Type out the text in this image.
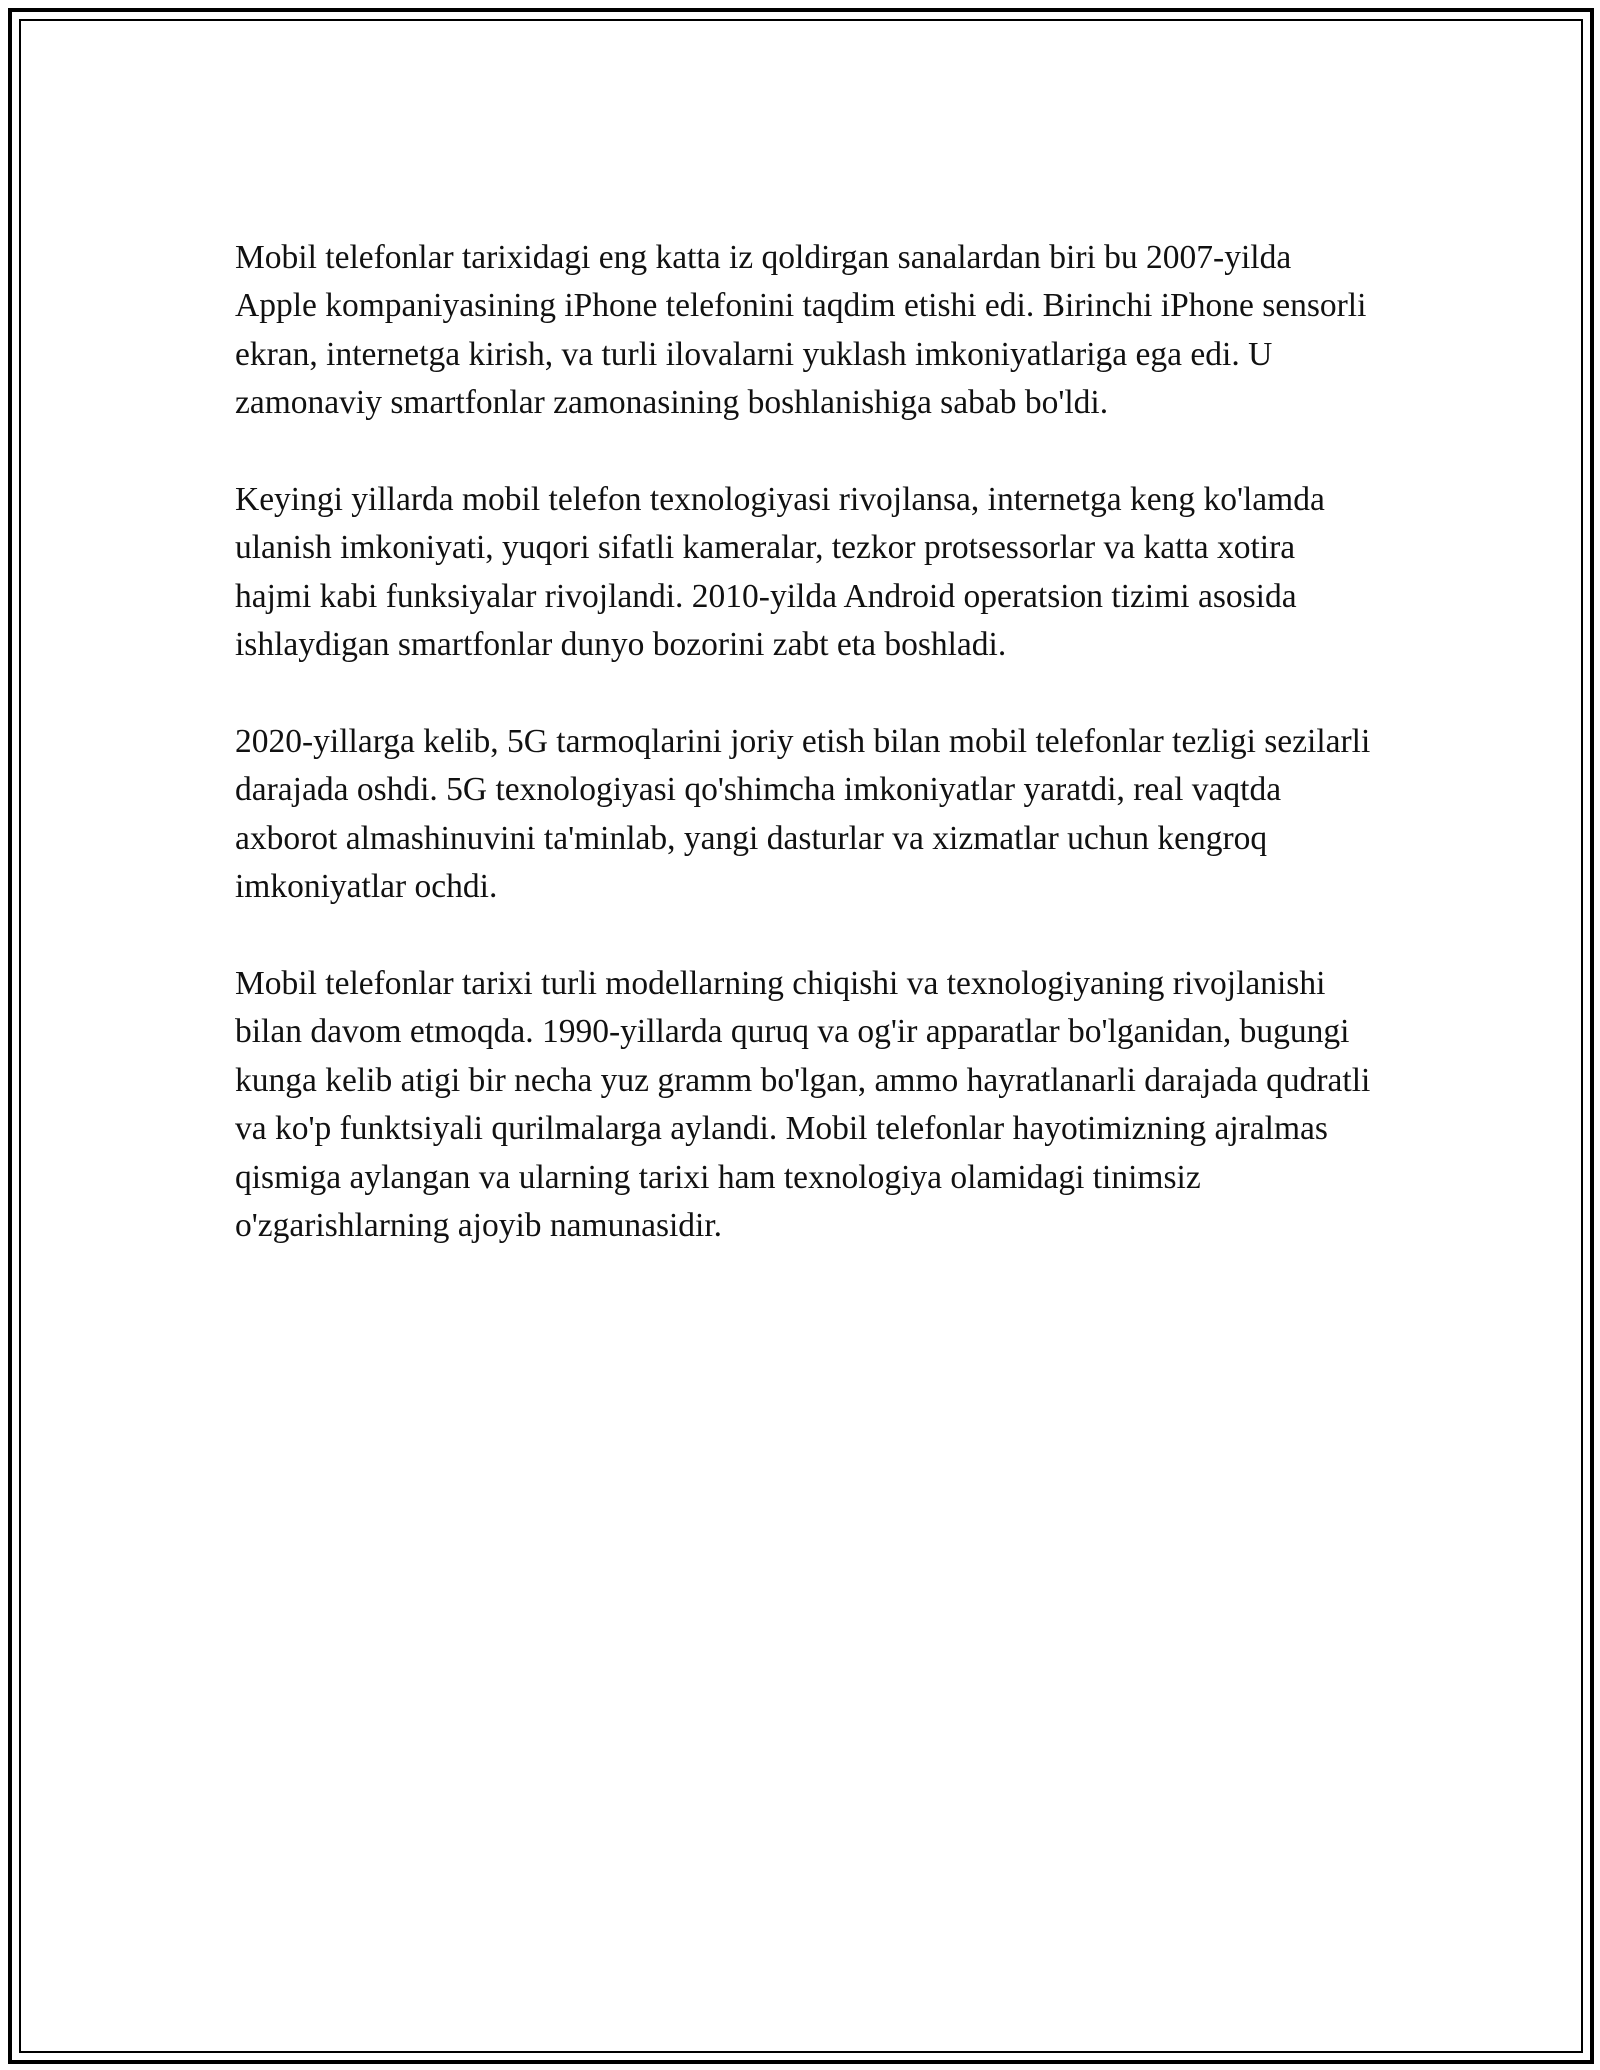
Mobil telefonlar tarixidagi eng katta iz qoldirgan sanalardan biri bu 2007-yilda Apple kompaniyasining iPhone telefonini taqdim etishi edi. Birinchi iPhone sensorli ekran, internetga kirish, va turli ilovalarni yuklash imkoniyatlariga ega edi. U zamonaviy smartfonlar zamonasining boshlanishiga sabab bo'ldi.

Keyingi yillarda mobil telefon texnologiyasi rivojlansa, internetga keng ko'lamda ulanish imkoniyati, yuqori sifatli kameralar, tezkor protsessorlar va katta xotira hajmi kabi funksiyalar rivojlandi. 2010-yilda Android operatsion tizimi asosida ishlaydigan smartfonlar dunyo bozorini zabt eta boshladi.

2020-yillarga kelib, 5G tarmoqlarini joriy etish bilan mobil telefonlar tezligi sezilarli darajada oshdi. 5G texnologiyasi qo'shimcha imkoniyatlar yaratdi, real vaqtda axborot almashinuvini ta'minlab, yangi dasturlar va xizmatlar uchun kengroq imkoniyatlar ochdi.

Mobil telefonlar tarixi turli modellarning chiqishi va texnologiyaning rivojlanishi bilan davom etmoqda. 1990-yillarda quruq va og'ir apparatlar bo'lganidan, bugungi kunga kelib atigi bir necha yuz gramm bo'lgan, ammo hayratlanarli darajada qudratli va ko'p funktsiyali qurilmalarga aylandi. Mobil telefonlar hayotimizning ajralmas qismiga aylangan va ularning tarixi ham texnologiya olamidagi tinimsiz o'zgarishlarning ajoyib namunasidir.
